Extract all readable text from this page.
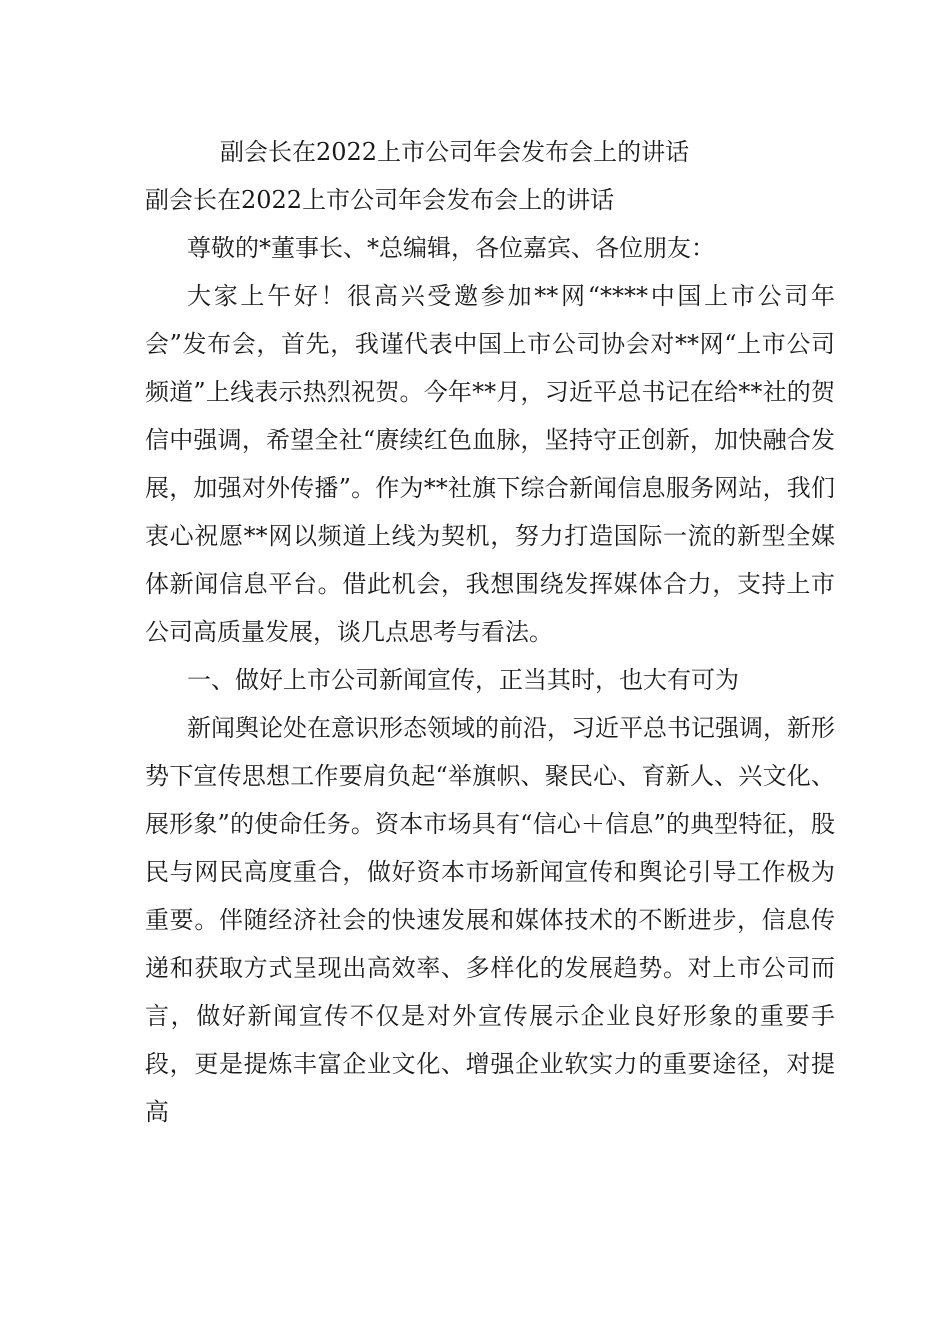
副会长在2022上市公司年会发布会上的讲话

副会长在2022上市公司年会发布会上的讲话

尊敬的*董事长、*总编辑，各位嘉宾、各位朋友：

大家上午好！很高兴受邀参加**网“****中国上市公司年会”发布会，首先，我谨代表中国上市公司协会对**网“上市公司频道”上线表示热烈祝贺。今年**月，习近平总书记在给**社的贺信中强调，希望全社“赓续红色血脉，坚持守正创新，加快融合发展，加强对外传播”。作为**社旗下综合新闻信息服务网站，我们衷心祝愿**网以频道上线为契机，努力打造国际一流的新型全媒体新闻信息平台。借此机会，我想围绕发挥媒体合力，支持上市公司高质量发展，谈几点思考与看法。

一、做好上市公司新闻宣传，正当其时，也大有可为

新闻舆论处在意识形态领域的前沿，习近平总书记强调，新形势下宣传思想工作要肩负起“举旗帜、聚民心、育新人、兴文化、展形象”的使命任务。资本市场具有“信心＋信息”的典型特征，股民与网民高度重合，做好资本市场新闻宣传和舆论引导工作极为重要。伴随经济社会的快速发展和媒体技术的不断进步，信息传递和获取方式呈现出高效率、多样化的发展趋势。对上市公司而言，做好新闻宣传不仅是对外宣传展示企业良好形象的重要手段，更是提炼丰富企业文化、增强企业软实力的重要途径，对提高
